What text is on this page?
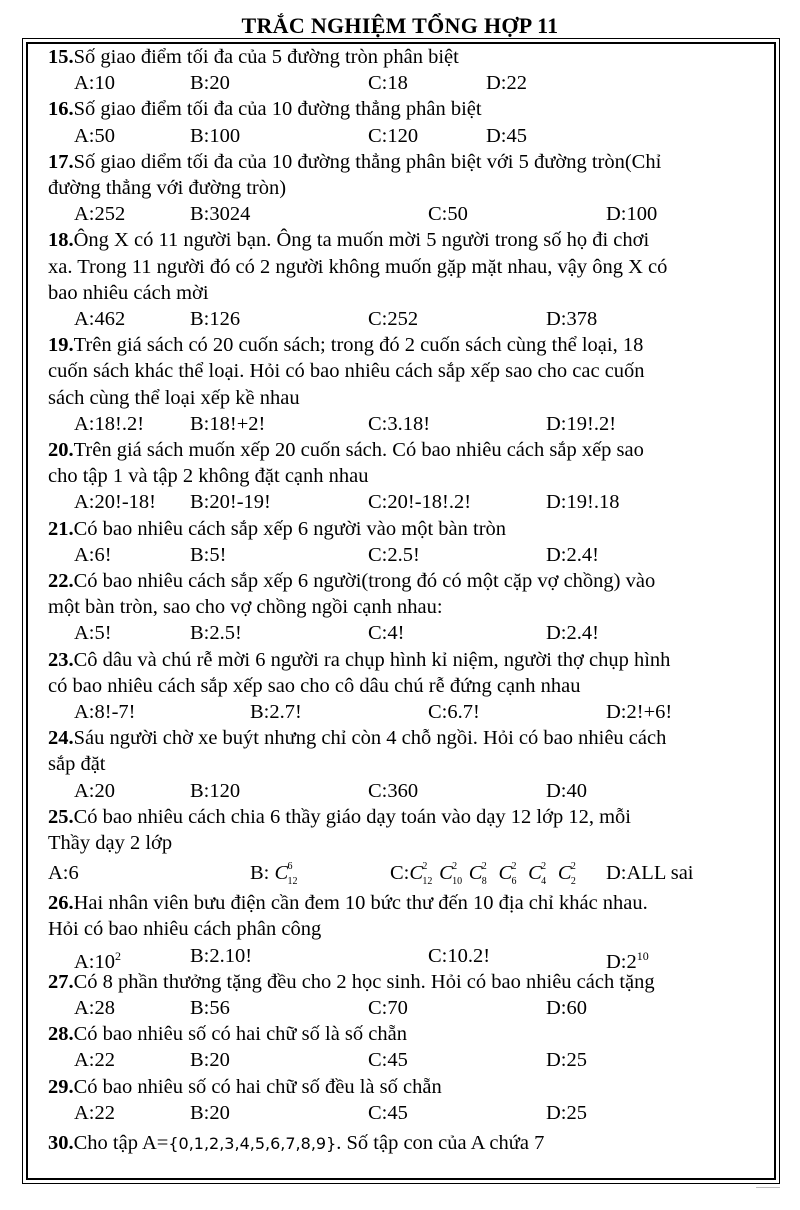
TRẮC NGHIỆM TỔNG HỢP 11

15.Số giao điểm tối đa của 5 đường tròn phân biệt

A:10	B:20	C:18	D:22

16.Số giao điểm tối đa của 10 đường thẳng phân biệt

A:50	B:100	C:120	D:45

17.Số giao diểm tối đa của 10 đường thẳng phân biệt với 5 đường tròn(Chỉ

đường thẳng với đường tròn)

A:252	B:3024	C:50	D:100

18.Ông X có 11 người bạn. Ông ta muốn mời 5 người trong số họ đi chơi

xa. Trong 11 người đó có 2 người không muốn gặp mặt nhau, vậy ông X có

bao nhiêu cách mời

A:462	B:126	C:252	D:378

19.Trên giá sách có 20 cuốn sách; trong đó 2 cuốn sách cùng thể loại, 18

cuốn sách khác thể loại. Hỏi có bao nhiêu cách sắp xếp sao cho cac cuốn

sách cùng thể loại xếp kề nhau

A:18!.2! B:18!+2!	C:3.18!	D:19!.2!

20.Trên giá sách muốn xếp 20 cuốn sách. Có bao nhiêu cách sắp xếp sao

cho tập 1 và tập 2 không đặt cạnh nhau

A:20!-18! B:20!-19!	C:20!-18!.2!	D:19!.18

21.Có bao nhiêu cách sắp xếp 6 người vào một bàn tròn

A:6!	B:5!	C:2.5!	D:2.4!

22.Có bao nhiêu cách sắp xếp 6 người(trong đó có một cặp vợ chồng) vào

một bàn tròn, sao cho vợ chồng ngồi cạnh nhau:

A:5!	B:2.5!	C:4!	D:2.4!

23.Cô dâu và chú rễ mời 6 người ra chụp hình kỉ niệm, người thợ chụp hình

có bao nhiêu cách sắp xếp sao cho cô dâu chú rễ đứng cạnh nhau

A:8!-7!	B:2.7!	C:6.7!	D:2!+6!

24.Sáu người chờ xe buýt nhưng chỉ còn 4 chỗ ngồi. Hỏi có bao nhiêu cách

sắp đặt

A:20	B:120	C:360	D:40

25.Có bao nhiêu cách chia 6 thầy giáo dạy toán vào dạy 12 lớp 12, mỗi

Thầy dạy 2 lớp

A:6	B: C 6
12	C:C 2
12 C 2
10 C 2
8 C 2
6 C 2
4 C 2
2 D:ALL sai

26.Hai nhân viên bưu điện cần đem 10 bức thư đến 10 địa chỉ khác nhau.

Hỏi có bao nhiêu cách phân công

$A:10^2$	B:2.10!	C:10.2!	$D:2^{10}$

27.Có 8 phần thưởng tặng đều cho 2 học sinh. Hỏi có bao nhiêu cách tặng

A:28	B:56	C:70	D:60

28.Có bao nhiêu số có hai chữ số là số chẵn

A:22	B:20	C:45	D:25

29.Có bao nhiêu số có hai chữ số đều là số chẵn

A:22	B:20	C:45	D:25

30.Cho tập A={0,1,2,3,4,5,6,7,8,9}. Số tập con của A chứa 7
